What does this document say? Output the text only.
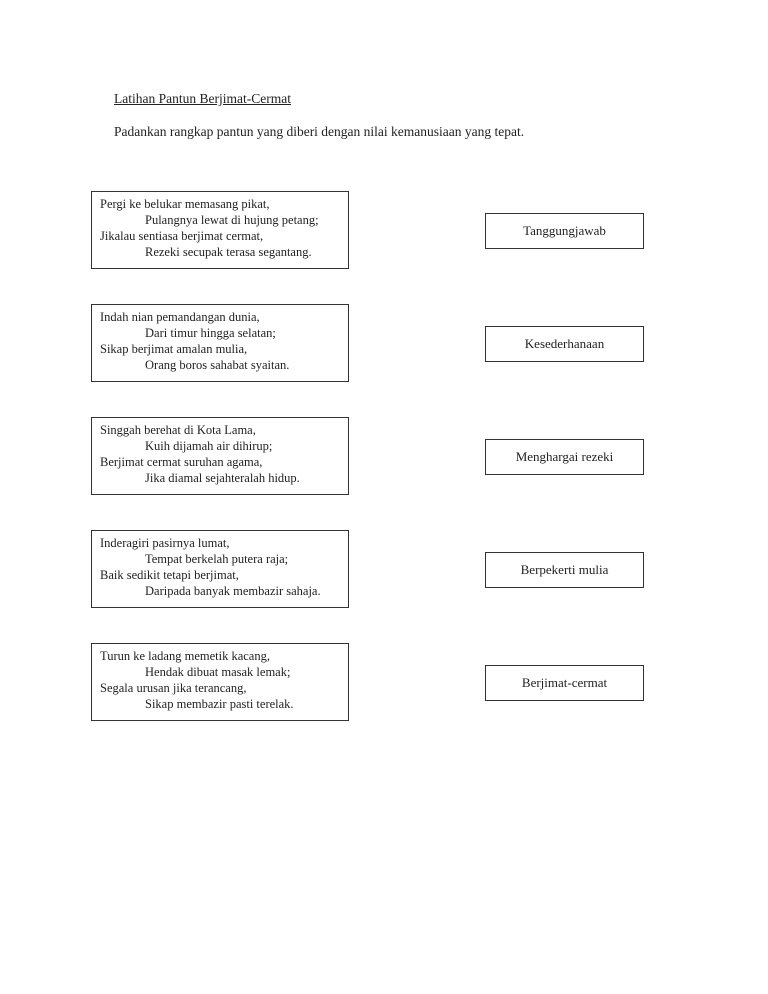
Latihan Pantun Berjimat-Cermat
Padankan rangkap pantun yang diberi dengan nilai kemanusiaan yang tepat.
Pergi ke belukar memasang pikat,
Pulangnya lewat di hujung petang;
Jikalau sentiasa berjimat cermat,
Rezeki secupak terasa segantang.
Indah nian pemandangan dunia,
Dari timur hingga selatan;
Sikap berjimat amalan mulia,
Orang boros sahabat syaitan.
Singgah berehat di Kota Lama,
Kuih dijamah air dihirup;
Berjimat cermat suruhan agama,
Jika diamal sejahteralah hidup.
Inderagiri pasirnya lumat,
Tempat berkelah putera raja;
Baik sedikit tetapi berjimat,
Daripada banyak membazir sahaja.
Turun ke ladang memetik kacang,
Hendak dibuat masak lemak;
Segala urusan jika terancang,
Sikap membazir pasti terelak.
Tanggungjawab
Kesederhanaan
Menghargai rezeki
Berpekerti mulia
Berjimat-cermat
